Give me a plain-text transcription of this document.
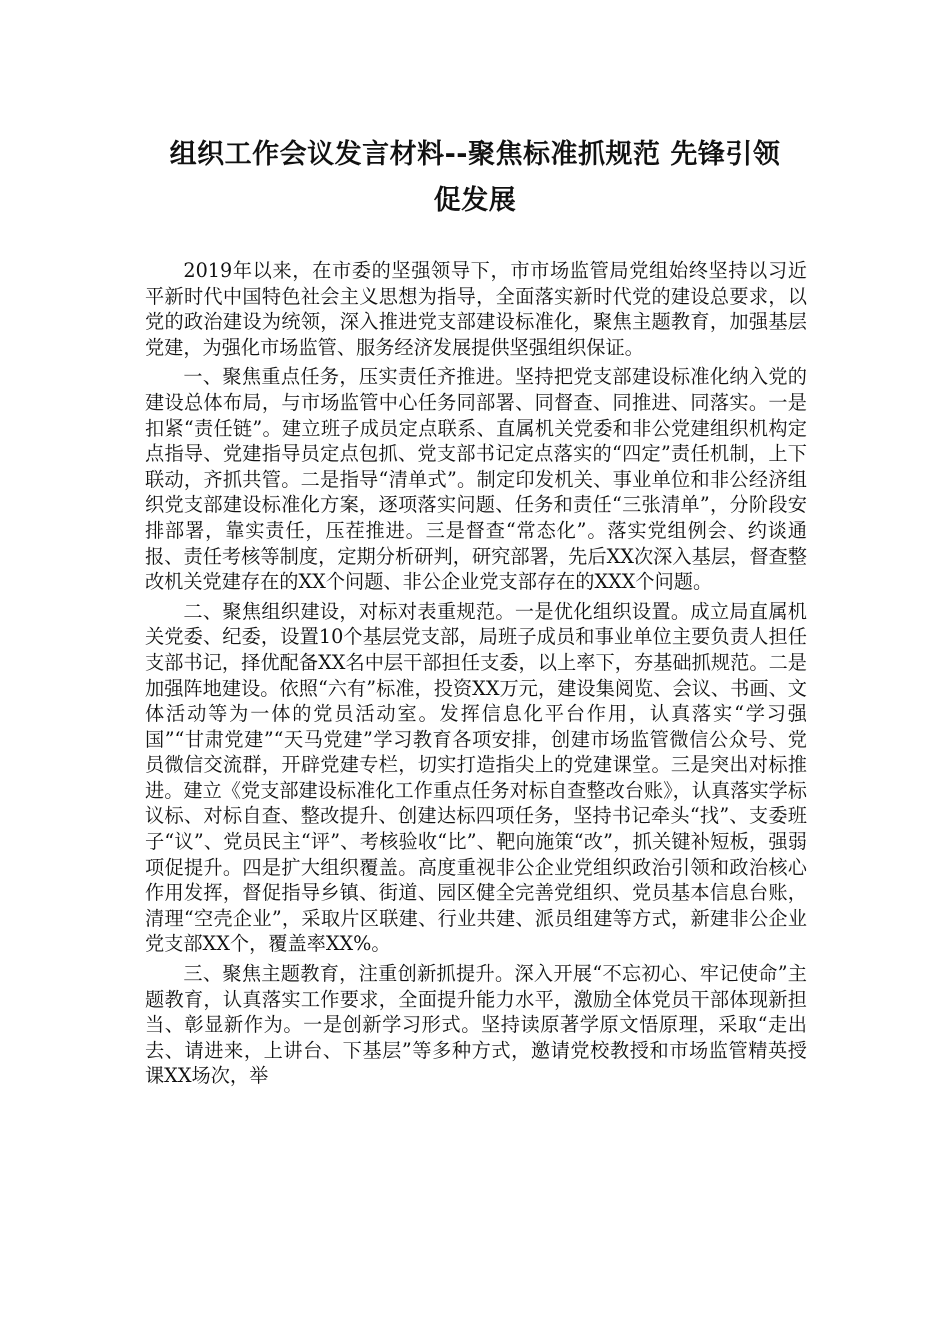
组织工作会议发言材料--聚焦标准抓规范 先锋引领
促发展

2019年以来，在市委的坚强领导下，市市场监管局党组始终坚持以习近平新时代中国特色社会主义思想为指导，全面落实新时代党的建设总要求，以党的政治建设为统领，深入推进党支部建设标准化，聚焦主题教育，加强基层党建，为强化市场监管、服务经济发展提供坚强组织保证。

一、聚焦重点任务，压实责任齐推进。坚持把党支部建设标准化纳入党的建设总体布局，与市场监管中心任务同部署、同督查、同推进、同落实。一是扣紧“责任链”。建立班子成员定点联系、直属机关党委和非公党建组织机构定点指导、党建指导员定点包抓、党支部书记定点落实的“四定”责任机制，上下联动，齐抓共管。二是指导“清单式”。制定印发机关、事业单位和非公经济组织党支部建设标准化方案，逐项落实问题、任务和责任“三张清单”，分阶段安排部署，靠实责任，压茬推进。三是督查“常态化”。落实党组例会、约谈通报、责任考核等制度，定期分析研判，研究部署，先后XX次深入基层，督查整改机关党建存在的XX个问题、非公企业党支部存在的XXX个问题。

二、聚焦组织建设，对标对表重规范。一是优化组织设置。成立局直属机关党委、纪委，设置10个基层党支部，局班子成员和事业单位主要负责人担任支部书记，择优配备XX名中层干部担任支委，以上率下，夯基础抓规范。二是加强阵地建设。依照“六有”标准，投资XX万元，建设集阅览、会议、书画、文体活动等为一体的党员活动室。发挥信息化平台作用，认真落实“学习强国”“甘肃党建”“天马党建”学习教育各项安排，创建市场监管微信公众号、党员微信交流群，开辟党建专栏，切实打造指尖上的党建课堂。三是突出对标推进。建立《党支部建设标准化工作重点任务对标自查整改台账》，认真落实学标议标、对标自查、整改提升、创建达标四项任务，坚持书记牵头“找”、支委班子“议”、党员民主“评”、考核验收“比”、靶向施策“改”，抓关键补短板，强弱项促提升。四是扩大组织覆盖。高度重视非公企业党组织政治引领和政治核心作用发挥，督促指导乡镇、街道、园区健全完善党组织、党员基本信息台账，清理“空壳企业”，采取片区联建、行业共建、派员组建等方式，新建非公企业党支部XX个，覆盖率XX%。

三、聚焦主题教育，注重创新抓提升。深入开展“不忘初心、牢记使命”主题教育，认真落实工作要求，全面提升能力水平，激励全体党员干部体现新担当、彰显新作为。一是创新学习形式。坚持读原著学原文悟原理，采取“走出去、请进来，上讲台、下基层”等多种方式，邀请党校教授和市场监管精英授课XX场次，举
